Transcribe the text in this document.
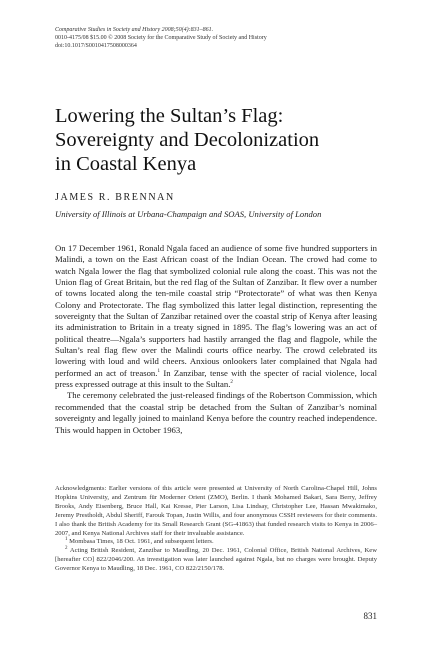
Comparative Studies in Society and History 2008;50(4):831–861.
0010-4175/08 $15.00 © 2008 Society for the Comparative Study of Society and History
doi:10.1017/S0010417508000364
Lowering the Sultan’s Flag:
Sovereignty and Decolonization
in Coastal Kenya
JAMES R. BRENNAN
University of Illinois at Urbana-Champaign and SOAS, University of London

On 17 December 1961, Ronald Ngala faced an audience of some five hundred supporters in Malindi, a town on the East African coast of the Indian Ocean. The crowd had come to watch Ngala lower the flag that symbolized colonial rule along the coast. This was not the Union flag of Great Britain, but the red flag of the Sultan of Zanzibar. It flew over a number of towns located along the ten-mile coastal strip “Protectorate” of what was then Kenya Colony and Protectorate. The flag symbolized this latter legal distinction, representing the sovereignty that the Sultan of Zanzibar retained over the coastal strip of Kenya after leasing its administration to Britain in a treaty signed in 1895. The flag’s lowering was an act of political theatre—Ngala’s supporters had hastily arranged the flag and flagpole, while the Sultan’s real flag flew over the Malindi courts office nearby. The crowd celebrated its lowering with loud and wild cheers. Anxious onlookers later complained that Ngala had performed an act of treason.$^1$ In Zanzibar, tense with the specter of racial violence, local press expressed outrage at this insult to the Sultan.$^2$

The ceremony celebrated the just-released findings of the Robertson Commission, which recommended that the coastal strip be detached from the Sultan of Zanzibar’s nominal sovereignty and legally joined to mainland Kenya before the country reached independence. This would happen in October 1963,

Acknowledgments: Earlier versions of this article were presented at University of North Carolina-Chapel Hill, Johns Hopkins University, and Zentrum für Moderner Orient (ZMO), Berlin. I thank Mohamed Bakari, Sara Berry, Jeffrey Brooks, Andy Eisenberg, Bruce Hall, Kai Kresse, Pier Larson, Lisa Lindsay, Christopher Lee, Hassan Mwakimako, Jeremy Prestholdt, Abdul Sheriff, Farouk Topan, Justin Willis, and four anonymous CSSH reviewers for their comments. I also thank the British Academy for its Small Research Grant (SG-41863) that funded research visits to Kenya in 2006–2007, and Kenya National Archives staff for their invaluable assistance.

$^1$ Mombasa Times, 18 Oct. 1961, and subsequent letters.

$^2$ Acting British Resident, Zanzibar to Maudling, 20 Dec. 1961, Colonial Office, British National Archives, Kew [hereafter CO] 822/2046/200. An investigation was later launched against Ngala, but no charges were brought. Deputy Governor Kenya to Maudling, 18 Dec. 1961, CO 822/2150/178.

831
